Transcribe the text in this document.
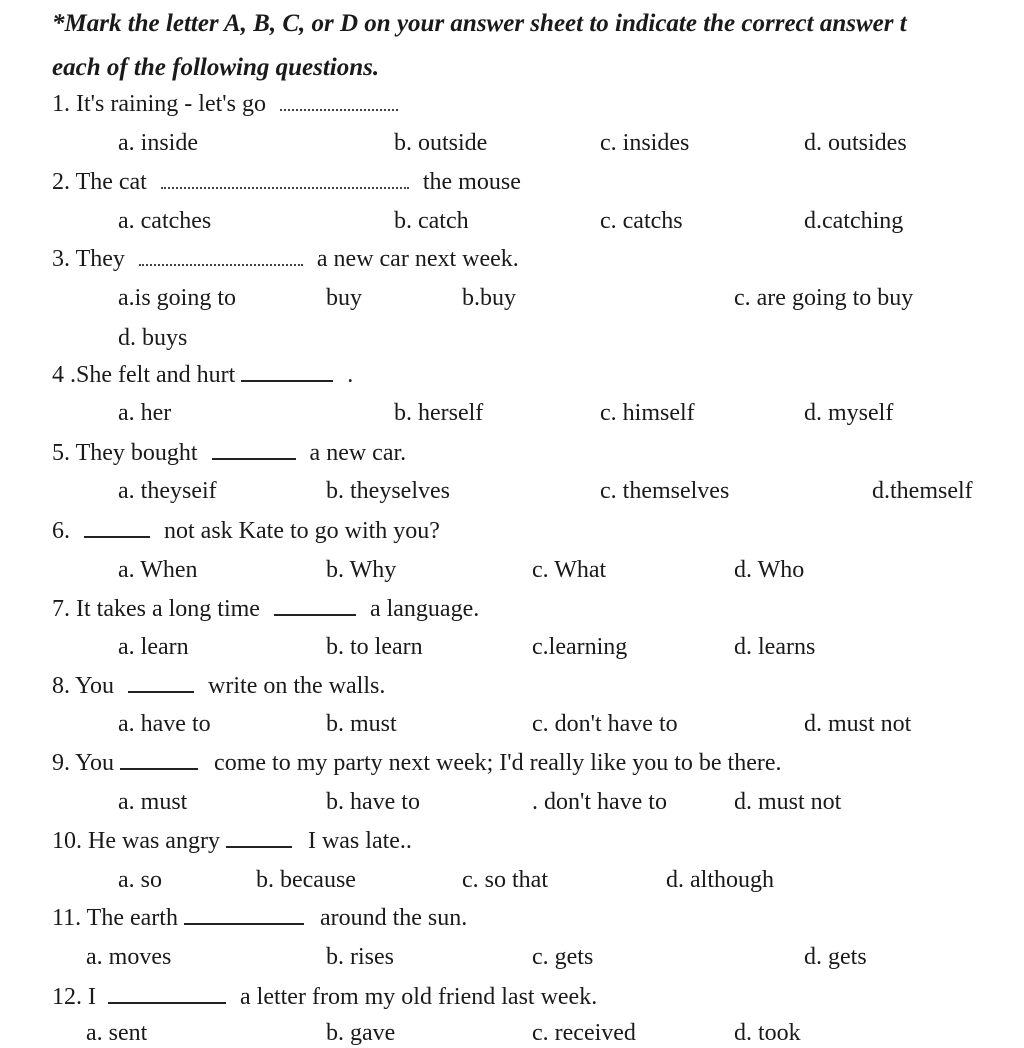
*Mark the letter A, B, C, or D on your answer sheet to indicate the correct answer t
each of the following questions.
1. It's raining - let's go
a. inside	b. outside	c. insides	d. outsides
2. The cat	the mouse
a. catches	b. catch	c. catchs	d.catching
3. They	a new car next week.
a.is going to	buy	b.buy	c. are going to buy
d. buys
4 .She felt and hurt	.
a. her	b. herself	c. himself	d. myself
5. They bought	a new car.
a. theyseif	b. theyselves	c. themselves	d.themself
6.	not ask Kate to go with you?
a. When	b. Why	c. What	d. Who
7. It takes a long time	a language.
a. learn	b. to learn	c.learning	d. learns
8. You	write on the walls.
a. have to	b. must	c. don't have to	d. must not
9. You	come to my party next week; I'd really like you to be there.
a. must	b. have to	. don't have to	d. must not
10. He was angry	I was late..
a. so	b. because	c. so that	d. although
11. The earth	around the sun.
a. moves	b. rises	c. gets	d. gets
12. I	a letter from my old friend last week.
a. sent	b. gave	c. received	d. took
